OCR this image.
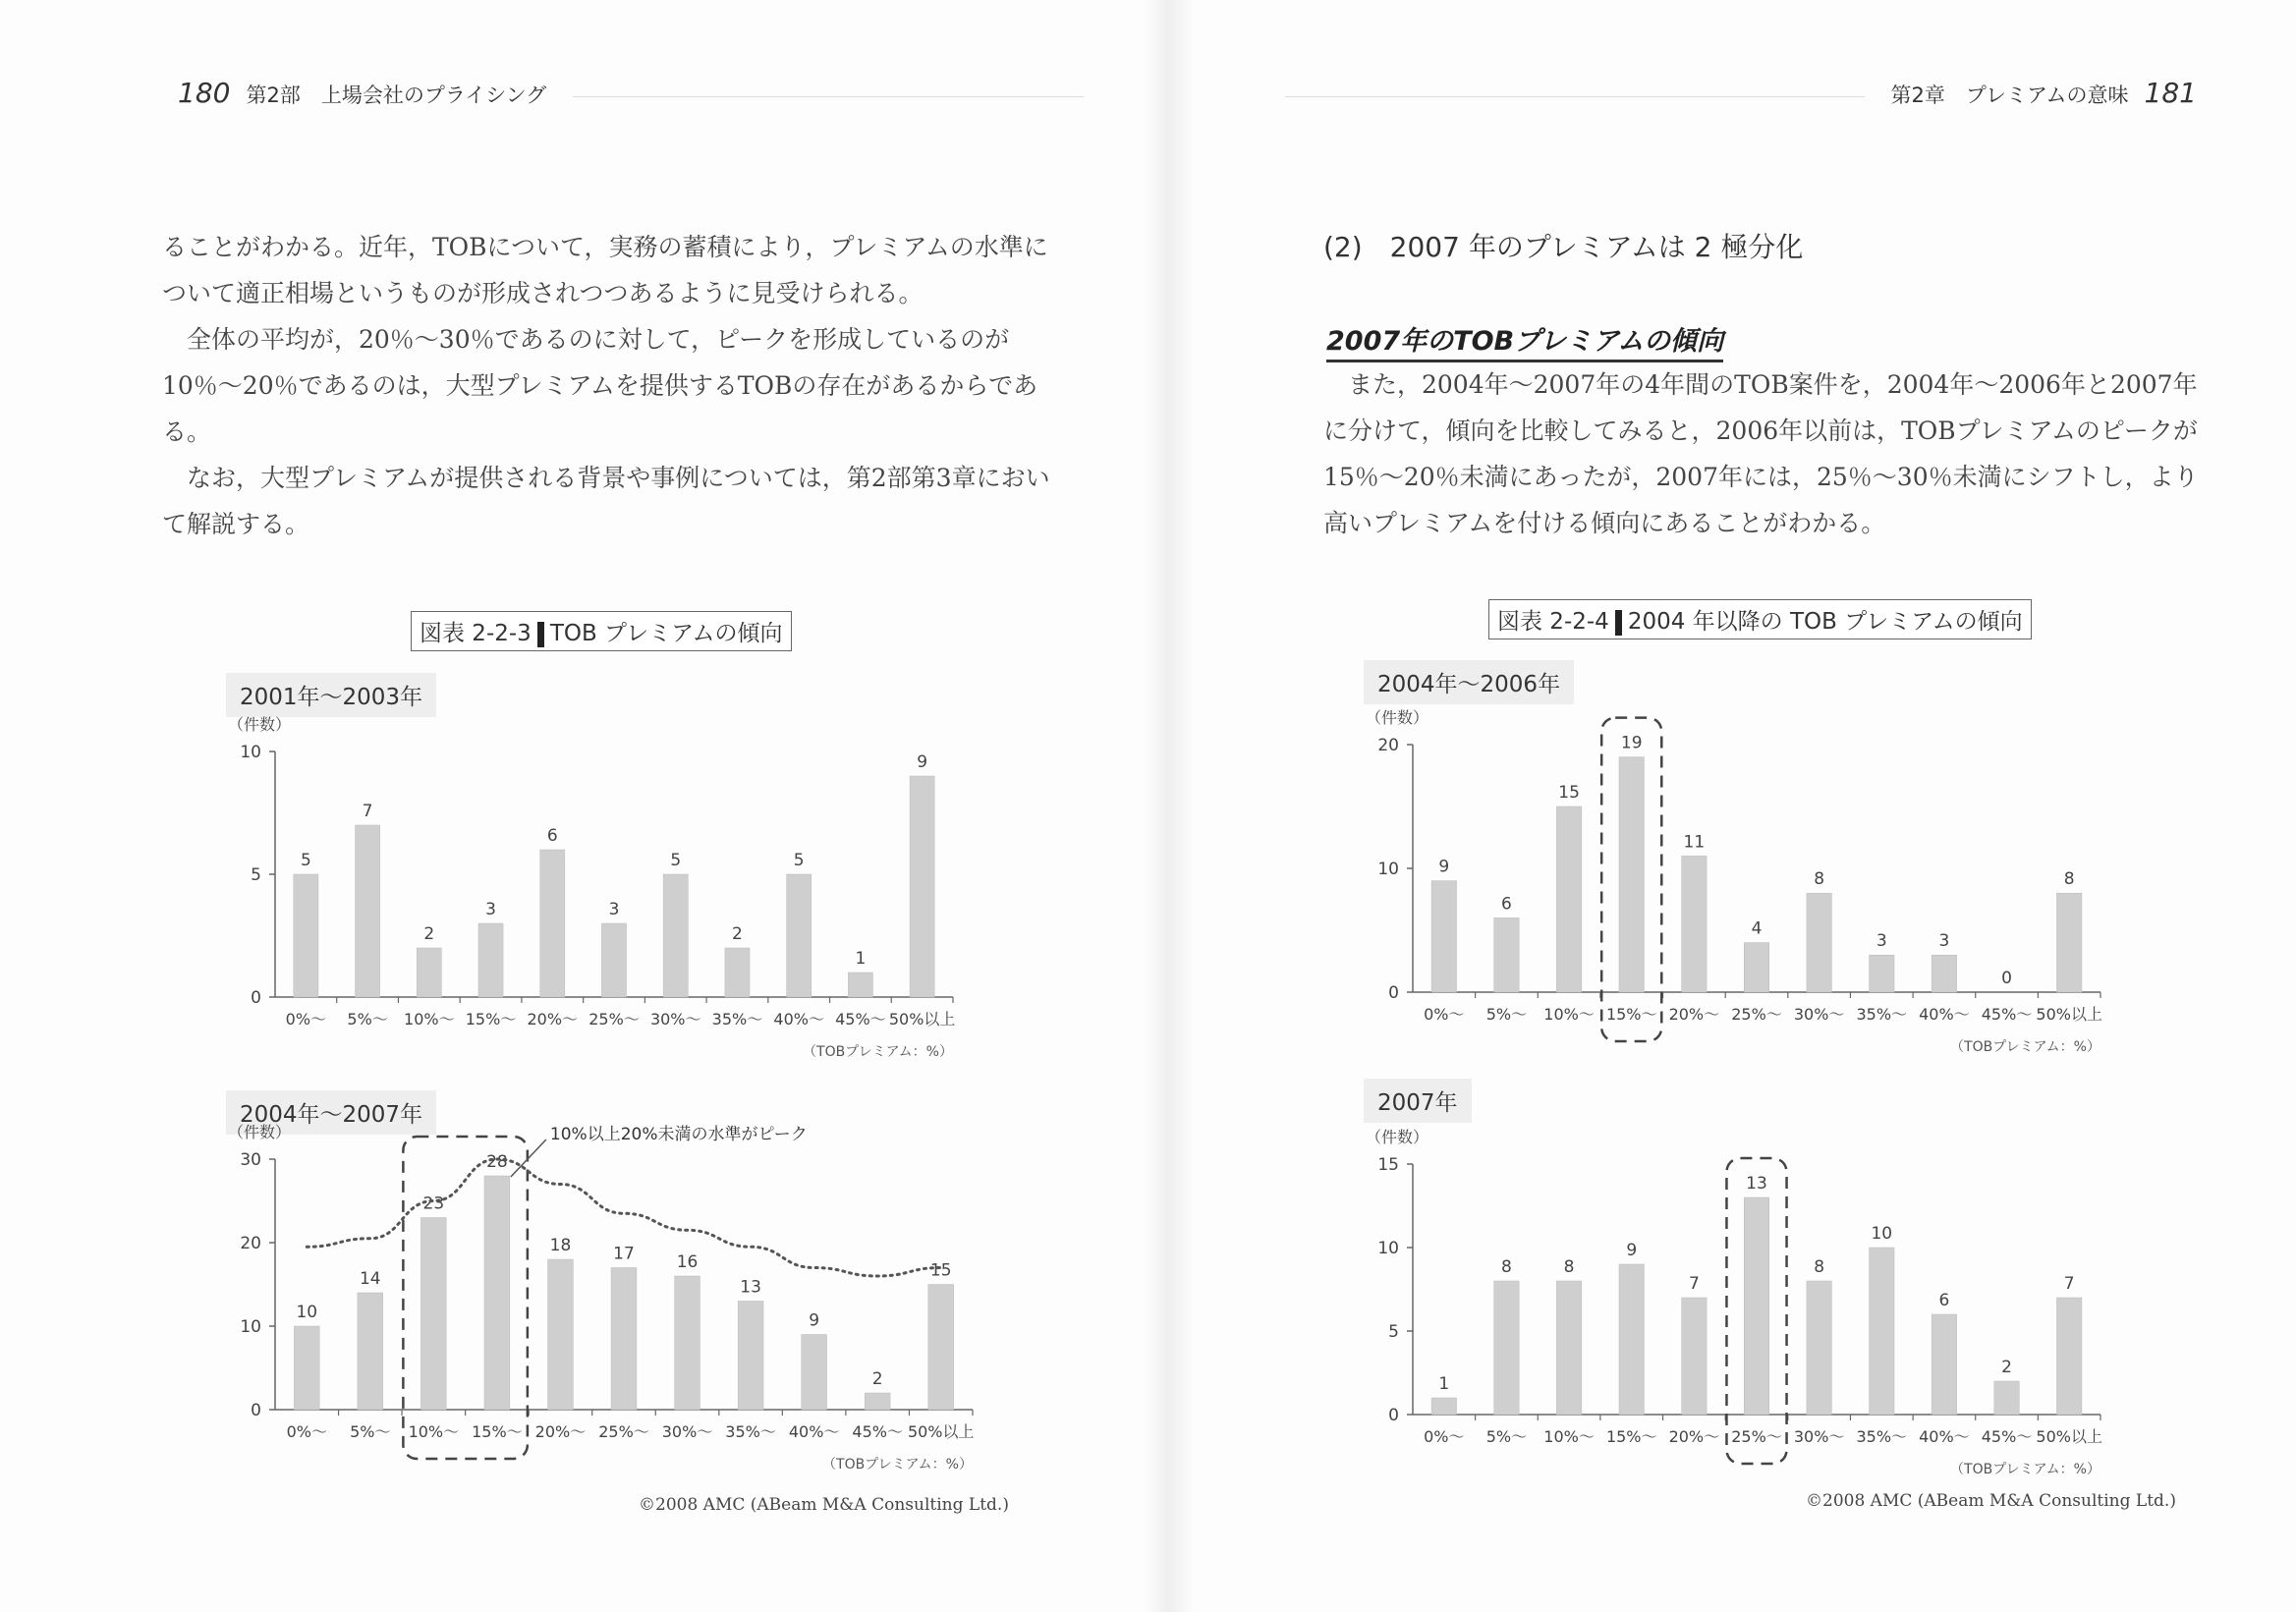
180 第2部　上場会社のプライシング

ることがわかる。近年，TOBについて，実務の蓄積により，プレミアムの水準について適正相場というものが形成されつつあるように見受けられる。

全体の平均が，20％～30％であるのに対して，ピークを形成しているのが10％～20％であるのは，大型プレミアムを提供するTOBの存在があるからである。

なお，大型プレミアムが提供される背景や事例については，第2部第3章において解説する。

図表 2-2-3 TOB プレミアムの傾向
2001年～2003年
（件数）
0
5
10
5
0%～
7
5%～
2
10%～
3
15%～
6
20%～
3
25%～
5
30%～
2
35%～
5
40%～
1
45%～
9
50%以上
（TOBプレミアム：%）
2004年～2007年
（件数）
0
10
20
30
10
0%～
14
5%～
23
10%～
28
15%～
18
20%～
17
25%～
16
30%～
13
35%～
9
40%～
2
45%～
15
50%以上
（TOBプレミアム：%）
10%以上20%未満の水準がピーク
©2008 AMC (ABeam M&A Consulting Ltd.)
第2章　プレミアムの意味 181
(2)　2007 年のプレミアムは 2 極分化
2007年のTOBプレミアムの傾向

また，2004年～2007年の4年間のTOB案件を，2004年～2006年と2007年に分けて，傾向を比較してみると，2006年以前は，TOBプレミアムのピークが15％～20％未満にあったが，2007年には，25％～30％未満にシフトし，より高いプレミアムを付ける傾向にあることがわかる。

図表 2-2-4 2004 年以降の TOB プレミアムの傾向
2004年～2006年
（件数）
0
10
20
9
0%～
6
5%～
15
10%～
19
15%～
11
20%～
4
25%～
8
30%～
3
35%～
3
40%～
0
45%～
8
50%以上
（TOBプレミアム：%）
2007年
（件数）
0
5
10
15
1
0%～
8
5%～
8
10%～
9
15%～
7
20%～
13
25%～
8
30%～
10
35%～
6
40%～
2
45%～
7
50%以上
（TOBプレミアム：%）
©2008 AMC (ABeam M&A Consulting Ltd.)
